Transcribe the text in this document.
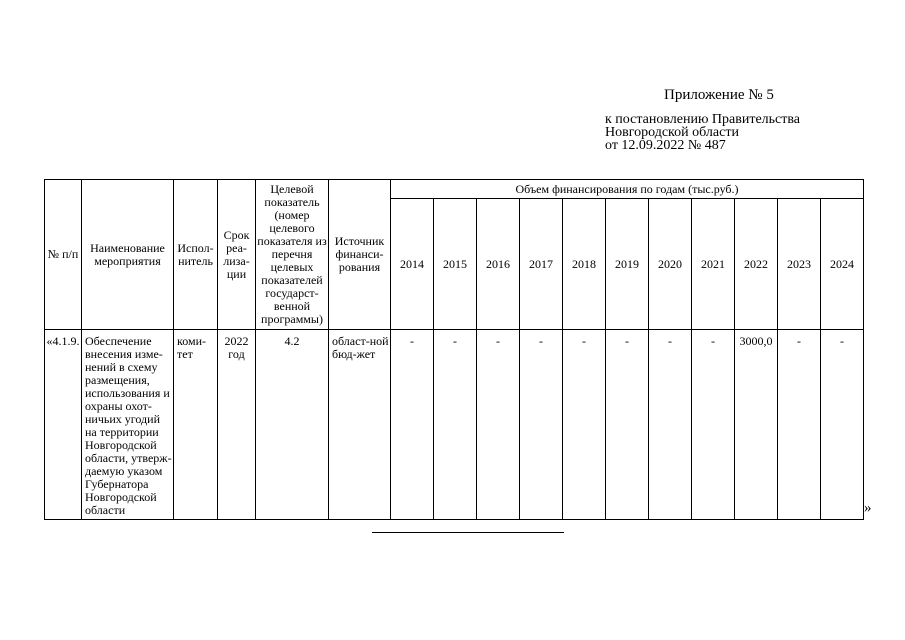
Приложение № 5
к постановлению Правительства
Новгородской области
от 12.09.2022 № 487
№ п/п	Наименование мероприятия	Испол-нитель	Срок реа-лиза-ции	Целевой показатель (номер целевого показателя из перечня целевых показателей государст-венной программы)	Источник финанси-рования	Объем финансирования по годам (тыс.руб.)										
						2014	2015	2016	2017	2018	2019	2020	2021	2022	2023	2024
«4.1.9.	Обеспечение внесения изме-нений в схему размещения, использования и охраны охот-ничьих угодий на территории Новгородской области, утверж-даемую указом Губернатора Новгородской области	коми-тет	2022 год	4.2	област-ной бюд-жет	-	-	-	-	-	-	-	-	3000,0	-	-
»
